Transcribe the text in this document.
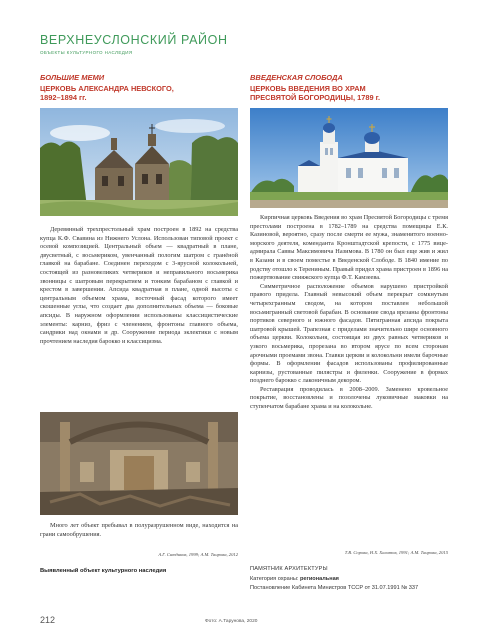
ВЕРХНЕУСЛОНСКИЙ РАЙОН
ОБЪЕКТЫ КУЛЬТУРНОГО НАСЛЕДИЯ
БОЛЬШИЕ МЕМИ
ЦЕРКОВЬ АЛЕКСАНДРА НЕВСКОГО,
1892–1894 гг.
ВВЕДЕНСКАЯ СЛОБОДА
ЦЕРКОВЬ ВВЕДЕНИЯ ВО ХРАМ
ПРЕСВЯТОЙ БОГОРОДИЦЫ, 1789 г.

Деревянный трехпрестольный храм построен в 1892 на средства купца К.Ф. Свавина из Нижнего Услона. Использован типовой проект с осевой композицией. Центральный объем — квадратный в плане, двусветный, с восьмериком, увенчанный пологим шатром с гранёной главкой на барабане. Соединен переходом с 3-ярусной колокольней, состоящей из разновеликих четвериков и неправильного восьмерика звонницы с шатровым перекрытием и тонким барабаном с главкой и крестом в завершении. Апсида квадратная в плане, одной высоты с центральным объемом храма, восточный фасад которого имеет скошенные углы, что создает два дополнительных объема — боковые апсиды. В наружном оформлении использованы классицистические элементы: карниз, фриз с членением, фронтоны главного объема, сандрики над окнами и др. Сооружение периода эклектики с новым прочтением наследия барокко и классицизма.

Много лет объект пребывал в полуразрушенном виде, находится на грани самообрушения.

А.Г. Ситдиков, 1999; А.М. Таирова, 2012
Выявленный объект культурного наследия

Кирпичная церковь Введения во храм Пресвятой Богородицы с тремя престолами построена в 1782–1789 на средства помещицы Е.К. Казиновой, вероятно, сразу после смерти ее мужа, знаменитого военно-морского деятеля, коменданта Кронштадтской крепости, с 1775 вице-адмирала Саввы Максимовича Назимова. В 1780 он был еще жив и жил в Казани и в своем поместье в Введенской Слободе. В 1840 имение по родству отошло к Терениным. Правый придел храма пристроен в 1896 на пожертвование свияжского купца Ф.Т. Камзеева.

Симметричное расположение объемов нарушено пристройкой правого придела. Главный невысокий объем перекрыт сомкнутым четырехгранным сводом, на котором поставлен небольшой восьмигранный световой барабан. В основание свода врезаны фронтоны портиков северного и южного фасадов. Пятигранная апсида покрыта шатровой крышей. Трапезная с приделами значительно шире основного объема церкви. Колокольня, состоящая из двух равных четвериков и узкого восьмерика, прорезана во втором ярусе по всем сторонам арочными проемами звона. Главки церкви и колокольни имели барочные формы. В оформлении фасадов использованы профилированные карнизы, рустованные пилястры и филенки. Сооружение в формах позднего барокко с лаконичным декором.

Реставрация проводилась в 2008–2009. Заменено кровельное покрытие, восстановлены и позолочены луковичные маковки на ступенчатом барабане храма и на колокольне.

Т.В. Сорова, Н.Х. Халитов, 1991; А.М. Таирова, 2015
ПАМЯТНИК АРХИТЕКТУРЫ
Категория охраны: региональная
Постановление Кабинета Министров ТССР от 31.07.1991 № 337
212	Фото: А.Тарунова, 2020
